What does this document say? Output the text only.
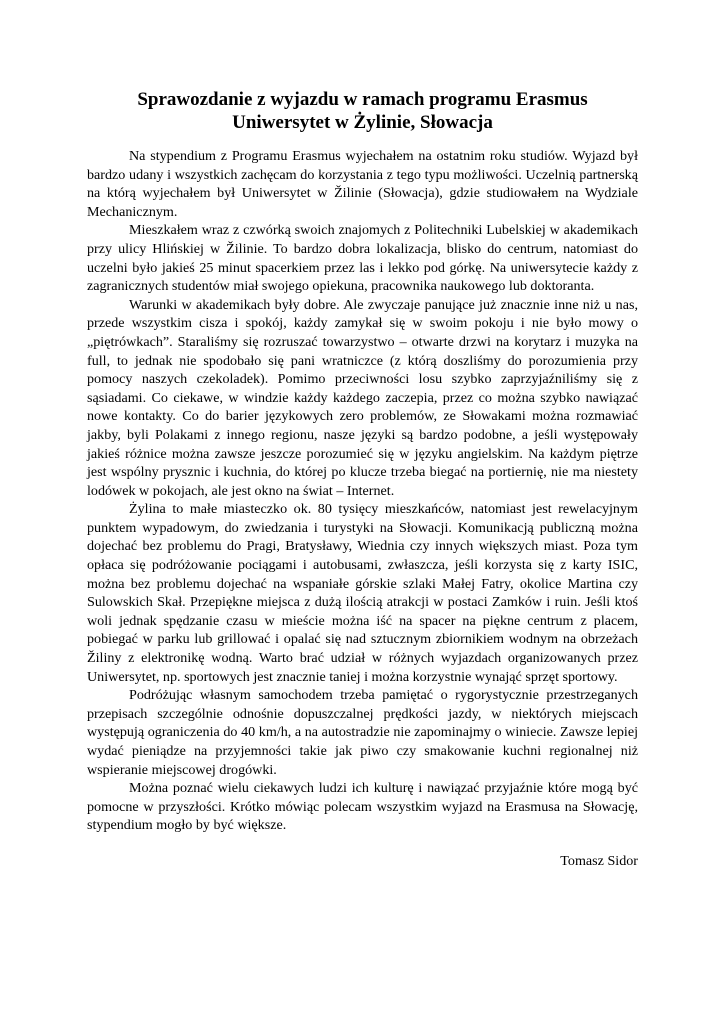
Sprawozdanie z wyjazdu w ramach programu Erasmus
Uniwersytet w Żylinie, Słowacja

Na stypendium z Programu Erasmus wyjechałem na ostatnim roku studiów. Wyjazd był bardzo udany i wszystkich zachęcam do korzystania z tego typu możliwości. Uczelnią partnerską na którą wyjechałem był Uniwersytet w Žilinie (Słowacja), gdzie studiowałem na Wydziale Mechanicznym.

Mieszkałem wraz z czwórką swoich znajomych z Politechniki Lubelskiej w akademikach przy ulicy Hlińskiej w Žilinie. To bardzo dobra lokalizacja, blisko do centrum, natomiast do uczelni było jakieś 25 minut spacerkiem przez las i lekko pod górkę. Na uniwersytecie każdy z zagranicznych studentów miał swojego opiekuna, pracownika naukowego lub doktoranta.

Warunki w akademikach były dobre. Ale zwyczaje panujące już znacznie inne niż u nas, przede wszystkim cisza i spokój, każdy zamykał się w swoim pokoju i nie było mowy o „piętrówkach”. Staraliśmy się rozruszać towarzystwo – otwarte drzwi na korytarz i muzyka na full, to jednak nie spodobało się pani wratniczce (z którą doszliśmy do porozumienia przy pomocy naszych czekoladek). Pomimo przeciwności losu szybko zaprzyjaźniliśmy się z sąsiadami. Co ciekawe, w windzie każdy każdego zaczepia, przez co można szybko nawiązać nowe kontakty. Co do barier językowych zero problemów, ze Słowakami można rozmawiać jakby, byli Polakami z innego regionu, nasze języki są bardzo podobne, a jeśli występowały jakieś różnice można zawsze jeszcze porozumieć się w języku angielskim. Na każdym piętrze jest wspólny prysznic i kuchnia, do której po klucze trzeba biegać na portiernię, nie ma niestety lodówek w pokojach, ale jest okno na świat – Internet.

Żylina to małe miasteczko ok. 80 tysięcy mieszkańców, natomiast jest rewelacyjnym punktem wypadowym, do zwiedzania i turystyki na Słowacji. Komunikacją publiczną można dojechać bez problemu do Pragi, Bratysławy, Wiednia czy innych większych miast. Poza tym opłaca się podróżowanie pociągami i autobusami, zwłaszcza, jeśli korzysta się z karty ISIC, można bez problemu dojechać na wspaniałe górskie szlaki Małej Fatry, okolice Martina czy Sulowskich Skał. Przepiękne miejsca z dużą ilością atrakcji w postaci Zamków i ruin. Jeśli ktoś woli jednak spędzanie czasu w mieście można iść na spacer na piękne centrum z placem, pobiegać w parku lub grillować i opalać się nad sztucznym zbiornikiem wodnym na obrzeżach Žiliny z elektronikę wodną. Warto brać udział w różnych wyjazdach organizowanych przez Uniwersytet, np. sportowych jest znacznie taniej i można korzystnie wynająć sprzęt sportowy.

Podróżując własnym samochodem trzeba pamiętać o rygorystycznie przestrzeganych przepisach szczególnie odnośnie dopuszczalnej prędkości jazdy, w niektórych miejscach występują ograniczenia do 40 km/h, a na autostradzie nie zapominajmy o winiecie. Zawsze lepiej wydać pieniądze na przyjemności takie jak piwo czy smakowanie kuchni regionalnej niż wspieranie miejscowej drogówki.

Można poznać wielu ciekawych ludzi ich kulturę i nawiązać przyjaźnie które mogą być pomocne w przyszłości. Krótko mówiąc polecam wszystkim wyjazd na Erasmusa na Słowację, stypendium mogło by być większe.

Tomasz Sidor
